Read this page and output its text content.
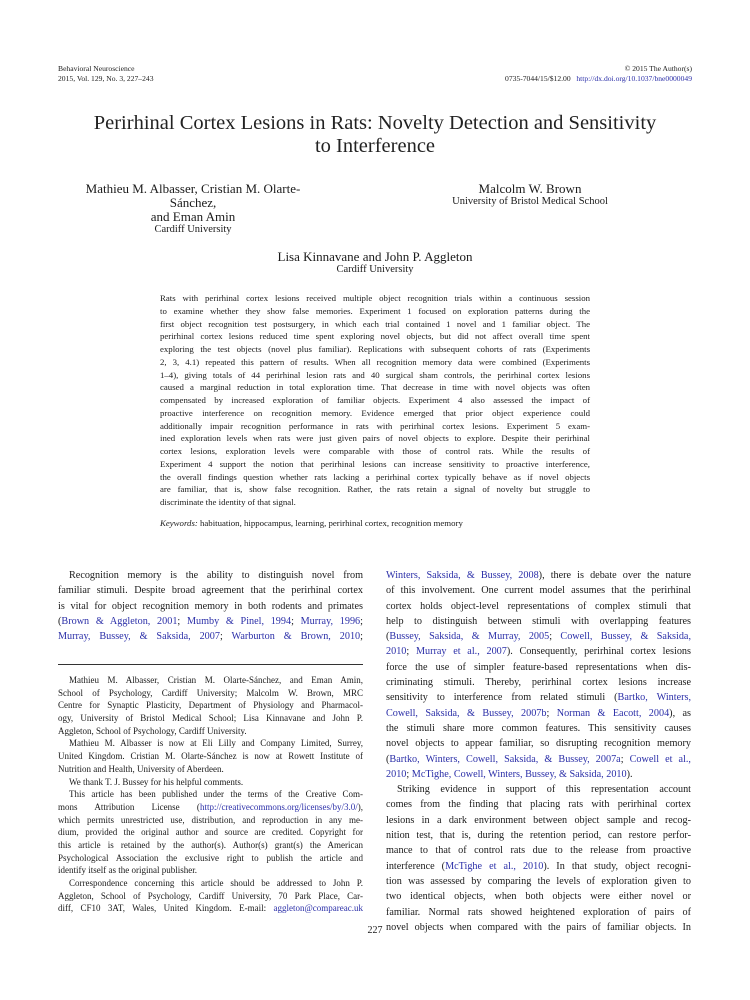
Behavioral Neuroscience
2015, Vol. 129, No. 3, 227–243
© 2015 The Author(s)
0735-7044/15/$12.00 http://dx.doi.org/10.1037/bne0000049
Perirhinal Cortex Lesions in Rats: Novelty Detection and Sensitivity
to Interference
Mathieu M. Albasser, Cristian M. Olarte-Sánchez,
and Eman Amin
Cardiff University
Malcolm W. Brown
University of Bristol Medical School
Lisa Kinnavane and John P. Aggleton
Cardiff University
Rats with perirhinal cortex lesions received multiple object recognition trials within a continuous session
to examine whether they show false memories. Experiment 1 focused on exploration patterns during the
first object recognition test postsurgery, in which each trial contained 1 novel and 1 familiar object. The
perirhinal cortex lesions reduced time spent exploring novel objects, but did not affect overall time spent
exploring the test objects (novel plus familiar). Replications with subsequent cohorts of rats (Experiments
2, 3, 4.1) repeated this pattern of results. When all recognition memory data were combined (Experiments
1–4), giving totals of 44 perirhinal lesion rats and 40 surgical sham controls, the perirhinal cortex lesions
caused a marginal reduction in total exploration time. That decrease in time with novel objects was often
compensated by increased exploration of familiar objects. Experiment 4 also assessed the impact of
proactive interference on recognition memory. Evidence emerged that prior object experience could
additionally impair recognition performance in rats with perirhinal cortex lesions. Experiment 5 exam-
ined exploration levels when rats were just given pairs of novel objects to explore. Despite their perirhinal
cortex lesions, exploration levels were comparable with those of control rats. While the results of
Experiment 4 support the notion that perirhinal lesions can increase sensitivity to proactive interference,
the overall findings question whether rats lacking a perirhinal cortex typically behave as if novel objects
are familiar, that is, show false recognition. Rather, the rats retain a signal of novelty but struggle to
discriminate the identity of that signal.
Keywords: habituation, hippocampus, learning, perirhinal cortex, recognition memory
Recognition memory is the ability to distinguish novel from
familiar stimuli. Despite broad agreement that the perirhinal cortex
is vital for object recognition memory in both rodents and primates
(Brown & Aggleton, 2001; Mumby & Pinel, 1994; Murray, 1996;
Murray, Bussey, & Saksida, 2007; Warburton & Brown, 2010;
Mathieu M. Albasser, Cristian M. Olarte-Sánchez, and Eman Amin,
School of Psychology, Cardiff University; Malcolm W. Brown, MRC
Centre for Synaptic Plasticity, Department of Physiology and Pharmacol-
ogy, University of Bristol Medical School; Lisa Kinnavane and John P.
Aggleton, School of Psychology, Cardiff University.
Mathieu M. Albasser is now at Eli Lilly and Company Limited, Surrey,
United Kingdom. Cristian M. Olarte-Sánchez is now at Rowett Institute of
Nutrition and Health, University of Aberdeen.
We thank T. J. Bussey for his helpful comments.
This article has been published under the terms of the Creative Com-
mons Attribution License (http://creativecommons.org/licenses/by/3.0/),
which permits unrestricted use, distribution, and reproduction in any me-
dium, provided the original author and source are credited. Copyright for
this article is retained by the author(s). Author(s) grant(s) the American
Psychological Association the exclusive right to publish the article and
identify itself as the original publisher.
Correspondence concerning this article should be addressed to John P.
Aggleton, School of Psychology, Cardiff University, 70 Park Place, Car-
diff, CF10 3AT, Wales, United Kingdom. E-mail: aggleton@compareac.uk
Winters, Saksida, & Bussey, 2008), there is debate over the nature
of this involvement. One current model assumes that the perirhinal
cortex holds object-level representations of complex stimuli that
help to distinguish between stimuli with overlapping features
(Bussey, Saksida, & Murray, 2005; Cowell, Bussey, & Saksida,
2010; Murray et al., 2007). Consequently, perirhinal cortex lesions
force the use of simpler feature-based representations when dis-
criminating stimuli. Thereby, perirhinal cortex lesions increase
sensitivity to interference from related stimuli (Bartko, Winters,
Cowell, Saksida, & Bussey, 2007b; Norman & Eacott, 2004), as
the stimuli share more common features. This sensitivity causes
novel objects to appear familiar, so disrupting recognition memory
(Bartko, Winters, Cowell, Saksida, & Bussey, 2007a; Cowell et al.,
2010; McTighe, Cowell, Winters, Bussey, & Saksida, 2010).
Striking evidence in support of this representation account
comes from the finding that placing rats with perirhinal cortex
lesions in a dark environment between object sample and recog-
nition test, that is, during the retention period, can restore perfor-
mance to that of control rats due to the release from proactive
interference (McTighe et al., 2010). In that study, object recogni-
tion was assessed by comparing the levels of exploration given to
two identical objects, when both objects were either novel or
familiar. Normal rats showed heightened exploration of pairs of
novel objects when compared with the pairs of familiar objects. In
227
